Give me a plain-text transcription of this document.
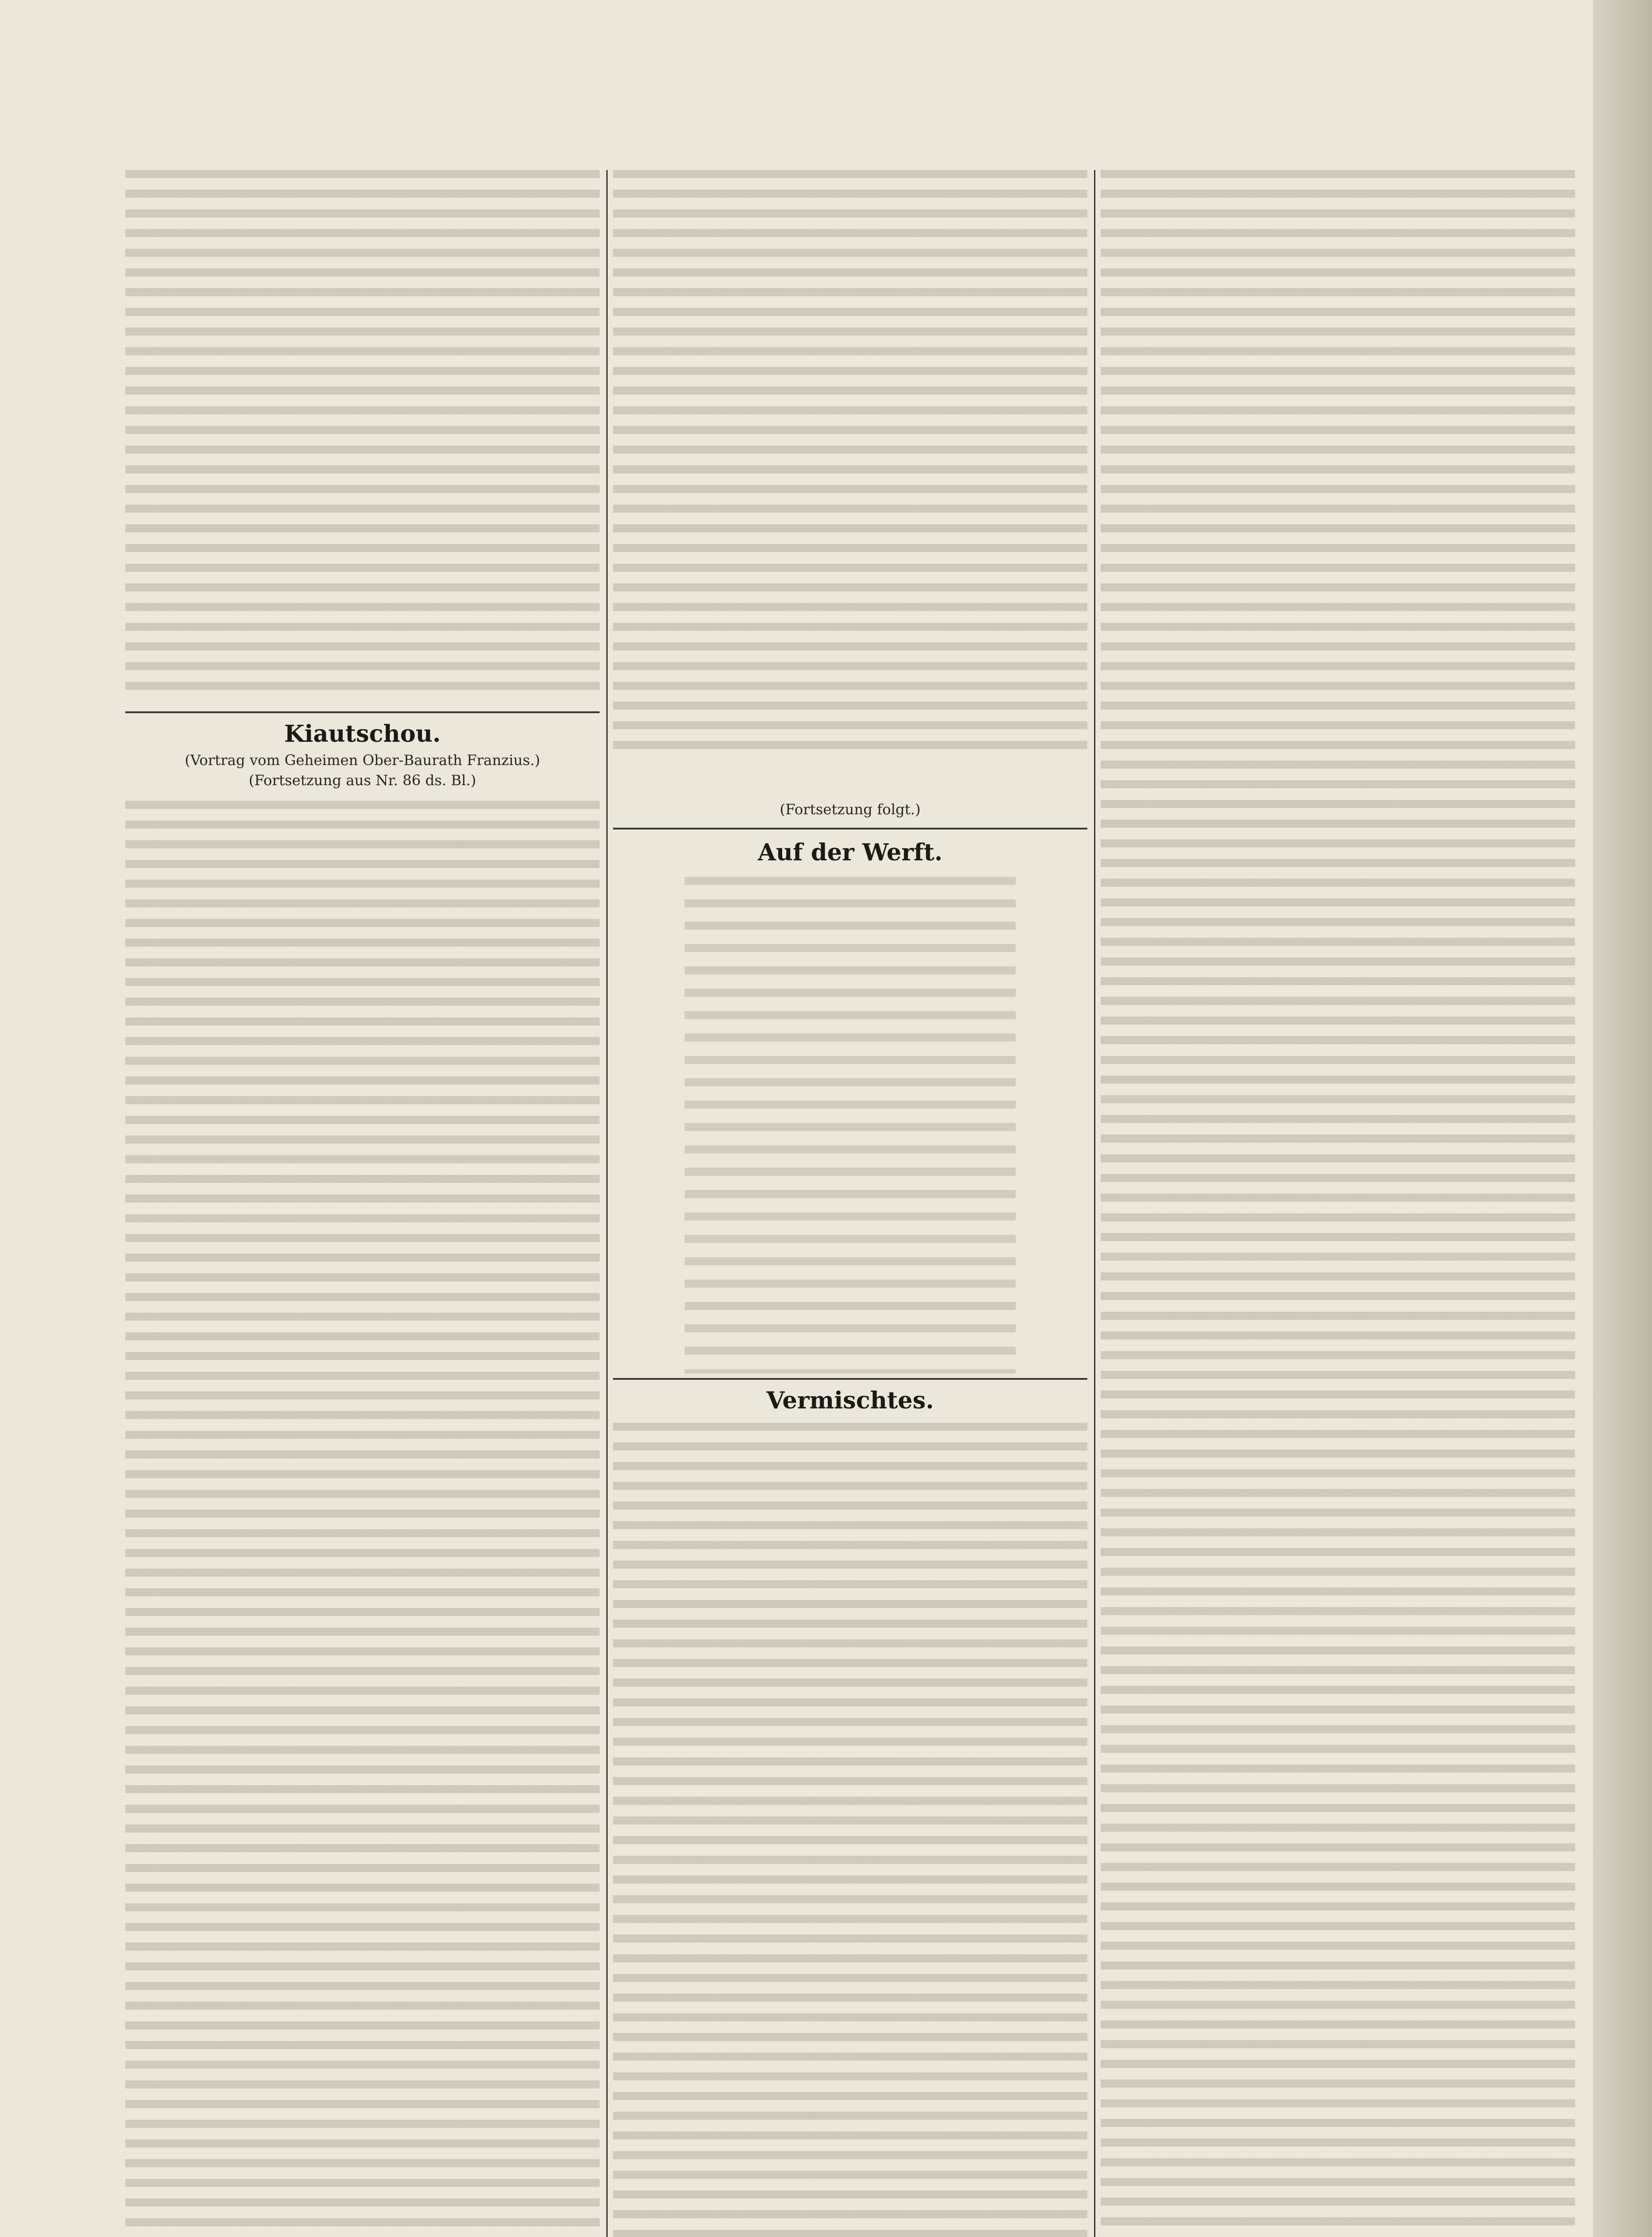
Kiautschou.
(Vortrag vom Geheimen Ober-Baurath Franzius.)
(Fortsetzung aus Nr. 86 ds. Bl.)
(Fortsetzung folgt.)
Auf der Werft.
Vermischtes.
